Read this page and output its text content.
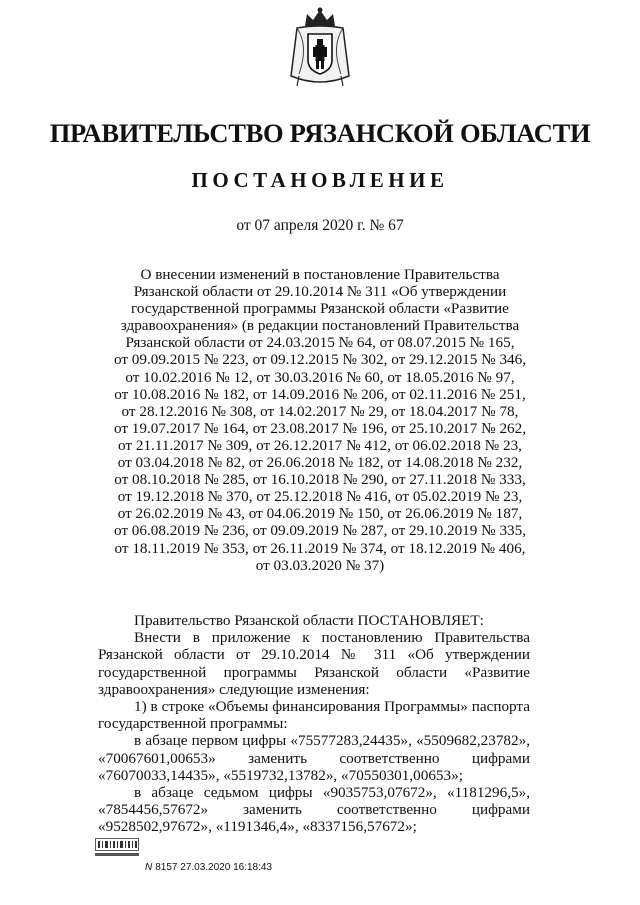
ПРАВИТЕЛЬСТВО РЯЗАНСКОЙ ОБЛАСТИ
ПОСТАНОВЛЕНИЕ
от 07 апреля 2020 г. № 67
О внесении изменений в постановление Правительства
Рязанской области от 29.10.2014 № 311 «Об утверждении
государственной программы Рязанской области «Развитие
здравоохранения» (в редакции постановлений Правительства
Рязанской области от 24.03.2015 № 64, от 08.07.2015 № 165,
от 09.09.2015 № 223, от 09.12.2015 № 302, от 29.12.2015 № 346,
от 10.02.2016 № 12, от 30.03.2016 № 60, от 18.05.2016 № 97,
от 10.08.2016 № 182, от 14.09.2016 № 206, от 02.11.2016 № 251,
от 28.12.2016 № 308, от 14.02.2017 № 29, от 18.04.2017 № 78,
от 19.07.2017 № 164, от 23.08.2017 № 196, от 25.10.2017 № 262,
от 21.11.2017 № 309, от 26.12.2017 № 412, от 06.02.2018 № 23,
от 03.04.2018 № 82, от 26.06.2018 № 182, от 14.08.2018 № 232,
от 08.10.2018 № 285, от 16.10.2018 № 290, от 27.11.2018 № 333,
от 19.12.2018 № 370, от 25.12.2018 № 416, от 05.02.2019 № 23,
от 26.02.2019 № 43, от 04.06.2019 № 150, от 26.06.2019 № 187,
от 06.08.2019 № 236, от 09.09.2019 № 287, от 29.10.2019 № 335,
от 18.11.2019 № 353, от 26.11.2019 № 374, от 18.12.2019 № 406,
от 03.03.2020 № 37)

Правительство Рязанской области ПОСТАНОВЛЯЕТ:

Внести в приложение к постановлению Правительства Рязанской области от 29.10.2014 № 311 «Об утверждении государственной программы Рязанской области «Развитие здравоохранения» следующие изменения:

1) в строке «Объемы финансирования Программы» паспорта государственной программы:

в абзаце первом цифры «75577283,24435», «5509682,23782», «70067601,00653» заменить соответственно цифрами «76070033,14435», «5519732,13782», «70550301,00653»;

в абзаце седьмом цифры «9035753,07672», «1181296,5», «7854456,57672» заменить соответственно цифрами «9528502,97672», «1191346,4», «8337156,57672»;

N 8157 27.03.2020 16:18:43
